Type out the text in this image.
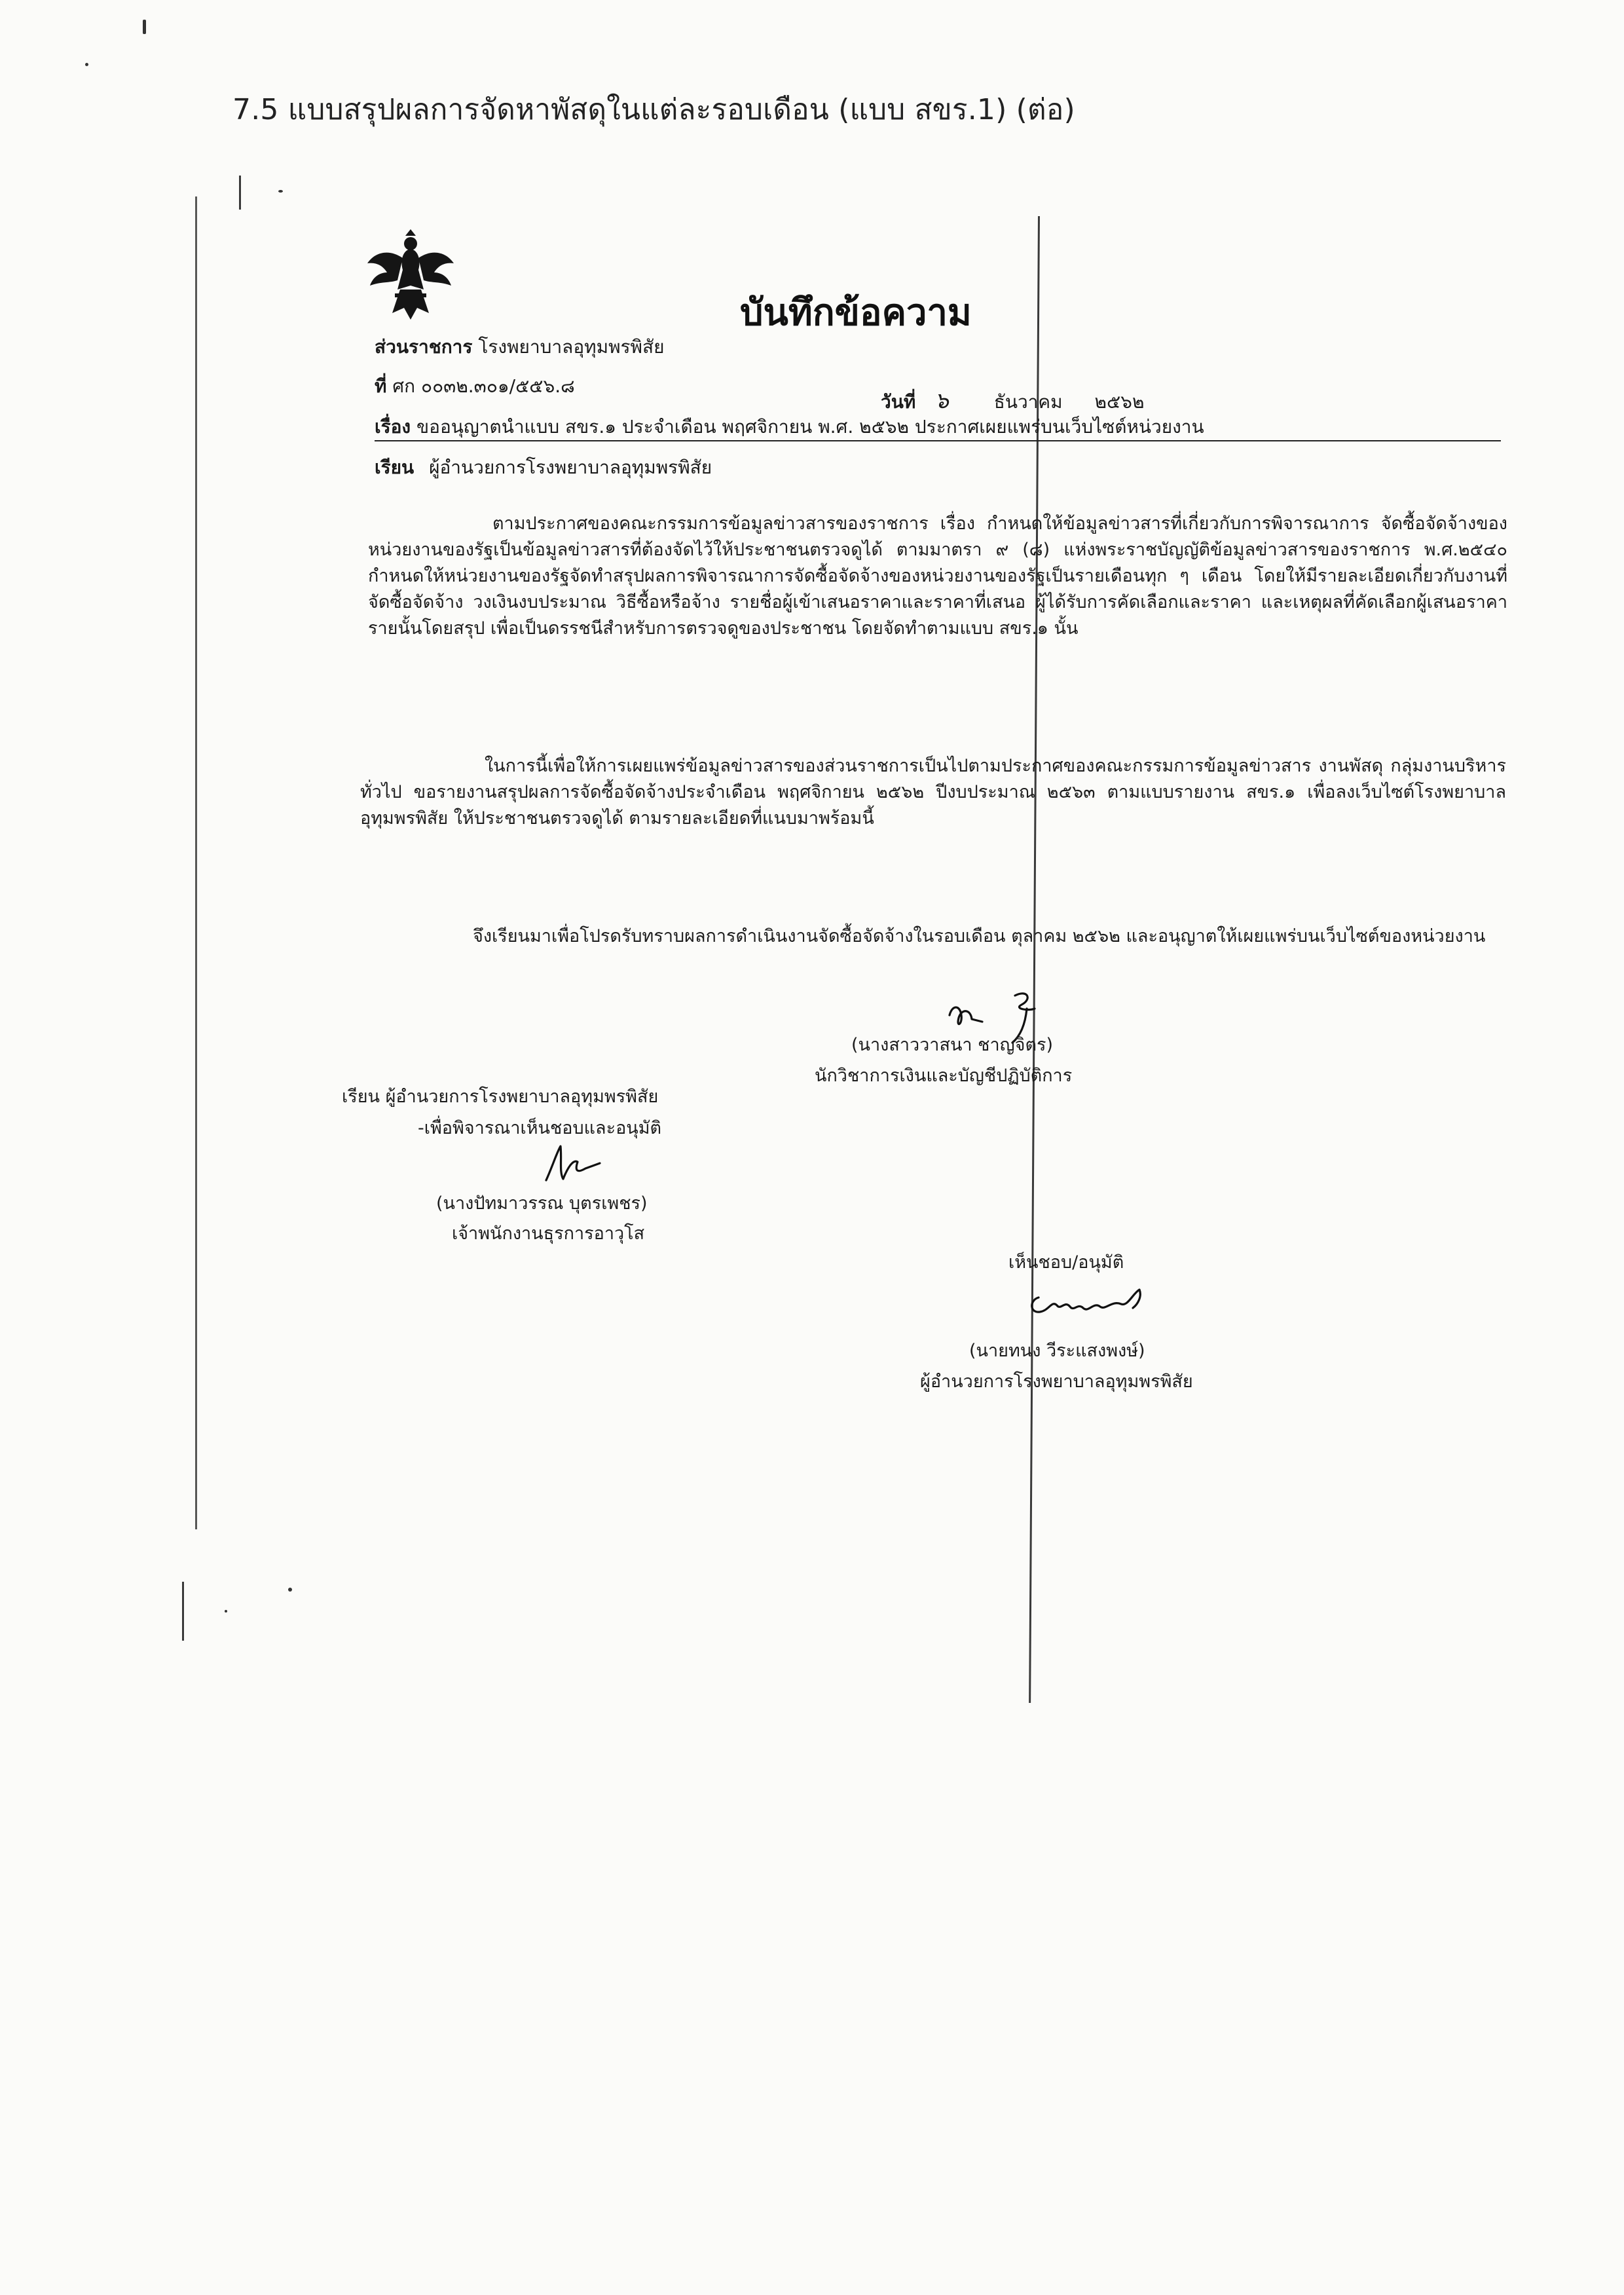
7.5 แบบสรุปผลการจัดหาพัสดุในแต่ละรอบเดือน (แบบ สขร.1) (ต่อ)
บันทึกข้อความ
ส่วนราชการ โรงพยาบาลอุทุมพรพิสัย
ที่ ศก ๐๐๓๒.๓๐๑/๕๕๖.๘
วันที่ ๖ ธันวาคม ๒๕๖๒
เรื่อง ขออนุญาตนำแบบ สขร.๑ ประจำเดือน พฤศจิกายน พ.ศ. ๒๕๖๒ ประกาศเผยแพร่บนเว็บไซต์หน่วยงาน
เรียน ผู้อำนวยการโรงพยาบาลอุทุมพรพิสัย
ตามประกาศของคณะกรรมการข้อมูลข่าวสารของราชการ เรื่อง กำหนดให้ข้อมูลข่าวสารที่เกี่ยวกับการพิจารณาการ จัดซื้อจัดจ้างของหน่วยงานของรัฐเป็นข้อมูลข่าวสารที่ต้องจัดไว้ให้ประชาชนตรวจดูได้ ตามมาตรา ๙ (๘) แห่งพระราชบัญญัติข้อมูลข่าวสารของราชการ พ.ศ.๒๕๔๐ กำหนดให้หน่วยงานของรัฐจัดทำสรุปผลการพิจารณาการจัดซื้อจัดจ้างของหน่วยงานของรัฐเป็นรายเดือนทุก ๆ เดือน โดยให้มีรายละเอียดเกี่ยวกับงานที่จัดซื้อจัดจ้าง วงเงินงบประมาณ วิธีซื้อหรือจ้าง รายชื่อผู้เข้าเสนอราคาและราคาที่เสนอ ผู้ได้รับการคัดเลือกและราคา และเหตุผลที่คัดเลือกผู้เสนอราคารายนั้นโดยสรุป เพื่อเป็นดรรชนีสำหรับการตรวจดูของประชาชน โดยจัดทำตามแบบ สขร.๑ นั้น
ในการนี้เพื่อให้การเผยแพร่ข้อมูลข่าวสารของส่วนราชการเป็นไปตามประกาศของคณะกรรมการข้อมูลข่าวสาร งานพัสดุ กลุ่มงานบริหารทั่วไป ขอรายงานสรุปผลการจัดซื้อจัดจ้างประจำเดือน พฤศจิกายน ๒๕๖๒ ปีงบประมาณ ๒๕๖๓ ตามแบบรายงาน สขร.๑ เพื่อลงเว็บไซต์โรงพยาบาลอุทุมพรพิสัย ให้ประชาชนตรวจดูได้ ตามรายละเอียดที่แนบมาพร้อมนี้
จึงเรียนมาเพื่อโปรดรับทราบผลการดำเนินงานจัดซื้อจัดจ้างในรอบเดือน ตุลาคม ๒๕๖๒ และอนุญาตให้เผยแพร่บนเว็บไซต์ของหน่วยงาน
(นางสาววาสนา ชาญจิตร)
นักวิชาการเงินและบัญชีปฏิบัติการ
เรียน ผู้อำนวยการโรงพยาบาลอุทุมพรพิสัย
-เพื่อพิจารณาเห็นชอบและอนุมัติ
(นางปัทมาวรรณ บุตรเพชร)
เจ้าพนักงานธุรการอาวุโส
เห็นชอบ/อนุมัติ
(นายทนง วีระแสงพงษ์)
ผู้อำนวยการโรงพยาบาลอุทุมพรพิสัย
